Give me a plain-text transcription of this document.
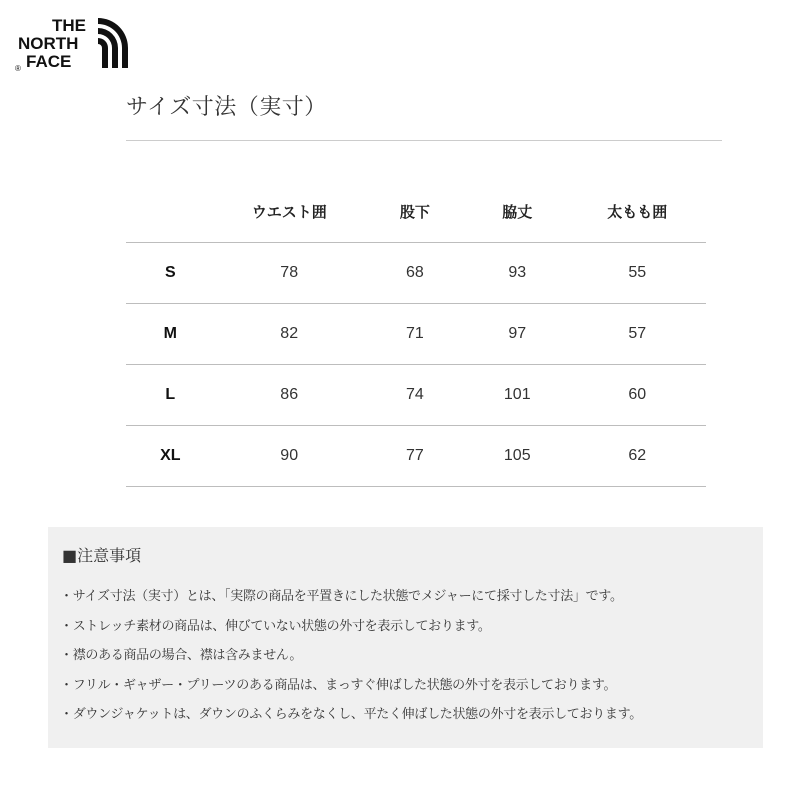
THE
NORTH
FACE
®
サイズ寸法（実寸）
	ウエスト囲	股下	脇丈	太もも囲
S	78	68	93	55
M	82	71	97	57
L	86	74	101	60
XL	90	77	105	62
■注意事項
・サイズ寸法（実寸）とは、「実際の商品を平置きにした状態でメジャーにて採寸した寸法」です。
・ストレッチ素材の商品は、伸びていない状態の外寸を表示しております。
・襟のある商品の場合、襟は含みません。
・フリル・ギャザー・プリーツのある商品は、まっすぐ伸ばした状態の外寸を表示しております。
・ダウンジャケットは、ダウンのふくらみをなくし、平たく伸ばした状態の外寸を表示しております。
